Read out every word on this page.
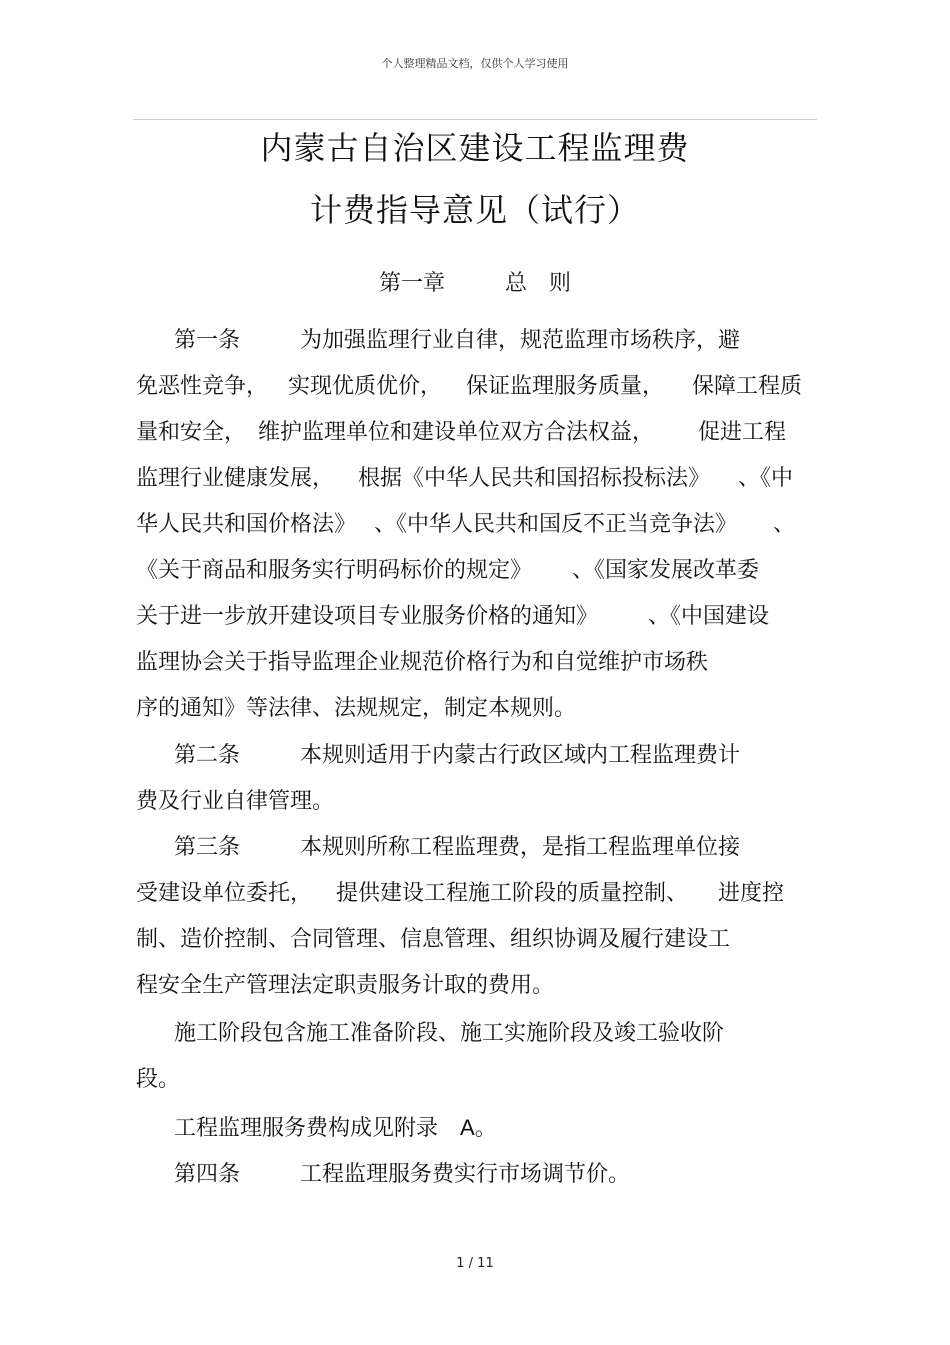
个人整理精品文档，仅供个人学习使用
内蒙古自治区建设工程监理费
计费指导意见（试行）
第一章	总 则
第一条	为加强监理行业自律，规范监理市场秩序，避
免恶性竞争， 实现优质优价， 保证监理服务质量， 保障工程质
量和安全， 维护监理单位和建设单位双方合法权益， 促进工程
监理行业健康发展， 根据《中华人民共和国招标投标法》 、《中
华人民共和国价格法》 、《中华人民共和国反不正当竞争法》 、
《关于商品和服务实行明码标价的规定》 、《国家发展改革委
关于进一步放开建设项目专业服务价格的通知》 、《中国建设
监理协会关于指导监理企业规范价格行为和自觉维护市场秩
序的通知》等法律、法规规定，制定本规则。
第二条	本规则适用于内蒙古行政区域内工程监理费计
费及行业自律管理。
第三条	本规则所称工程监理费，是指工程监理单位接
受建设单位委托， 提供建设工程施工阶段的质量控制、 进度控
制、造价控制、合同管理、信息管理、组织协调及履行建设工
程安全生产管理法定职责服务计取的费用。
施工阶段包含施工准备阶段、施工实施阶段及竣工验收阶
段。
工程监理服务费构成见附录 A。
第四条	工程监理服务费实行市场调节价。
1 / 11
